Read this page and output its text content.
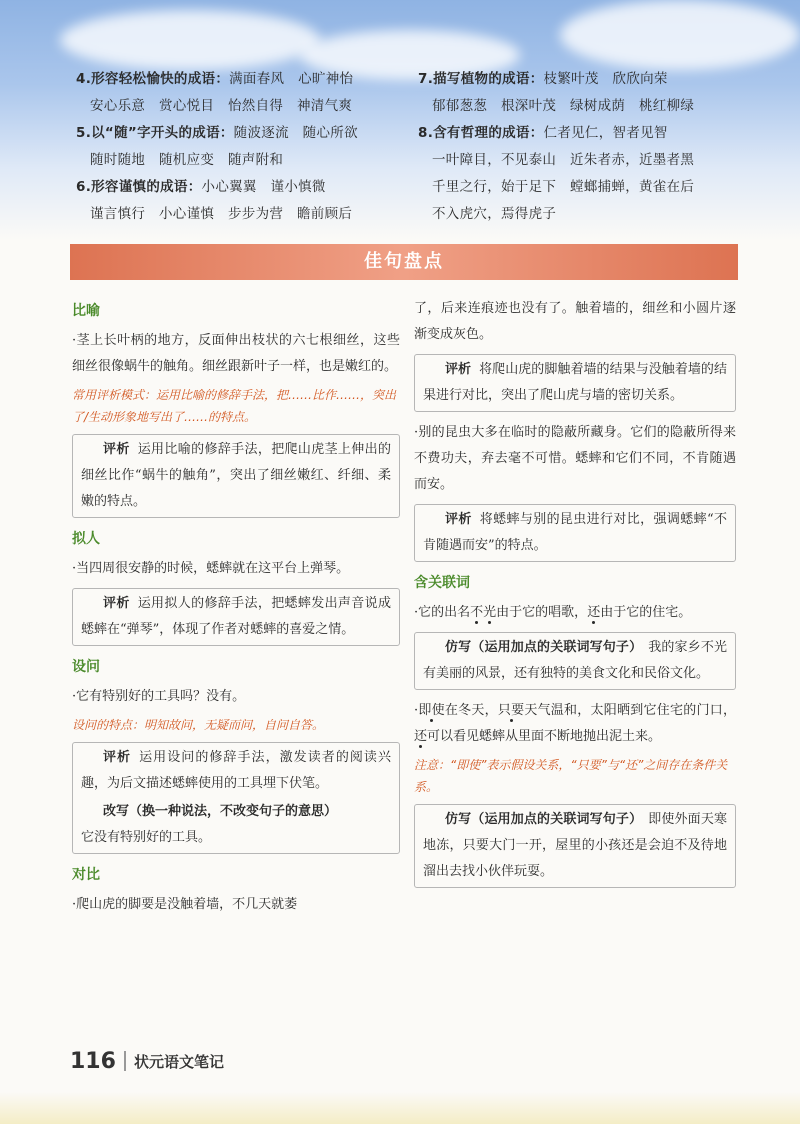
4.形容轻松愉快的成语：满面春风　心旷神怡
安心乐意　赏心悦目　怡然自得　神清气爽
5.以“随”字开头的成语：随波逐流　随心所欲
随时随地　随机应变　随声附和
6.形容谨慎的成语：小心翼翼　谨小慎微
谨言慎行　小心谨慎　步步为营　瞻前顾后
7.描写植物的成语：枝繁叶茂　欣欣向荣
郁郁葱葱　根深叶茂　绿树成荫　桃红柳绿
8.含有哲理的成语：仁者见仁，智者见智
一叶障目，不见泰山　近朱者赤，近墨者黑
千里之行，始于足下　螳螂捕蝉，黄雀在后
不入虎穴，焉得虎子
佳句盘点
比喻
·茎上长叶柄的地方，反面伸出枝状的六七根细丝，这些细丝很像蜗牛的触角。细丝跟新叶子一样，也是嫩红的。
常用评析模式：运用比喻的修辞手法，把……比作……，突出了/生动形象地写出了……的特点。
评析 运用比喻的修辞手法，把爬山虎茎上伸出的细丝比作“蜗牛的触角”，突出了细丝嫩红、纤细、柔嫩的特点。
拟人
·当四周很安静的时候，蟋蟀就在这平台上弹琴。
评析 运用拟人的修辞手法，把蟋蟀发出声音说成蟋蟀在“弹琴”，体现了作者对蟋蟀的喜爱之情。
设问
·它有特别好的工具吗？没有。
设问的特点：明知故问，无疑而问，自问自答。
评析 运用设问的修辞手法，激发读者的阅读兴趣，为后文描述蟋蟀使用的工具埋下伏笔。
改写（换一种说法，不改变句子的意思）
它没有特别好的工具。
对比
·爬山虎的脚要是没触着墙，不几天就萎
了，后来连痕迹也没有了。触着墙的，细丝和小圆片逐渐变成灰色。
评析 将爬山虎的脚触着墙的结果与没触着墙的结果进行对比，突出了爬山虎与墙的密切关系。
·别的昆虫大多在临时的隐蔽所藏身。它们的隐蔽所得来不费功夫，弃去毫不可惜。蟋蟀和它们不同，不肯随遇而安。
评析 将蟋蟀与别的昆虫进行对比，强调蟋蟀“不肯随遇而安”的特点。
含关联词
·它的出名不光由于它的唱歌，还由于它的住宅。
仿写（运用加点的关联词写句子） 我的家乡不光有美丽的风景，还有独特的美食文化和民俗文化。
·即使在冬天，只要天气温和，太阳晒到它住宅的门口，还可以看见蟋蟀从里面不断地抛出泥土来。
注意：“即使”表示假设关系，“只要”与“还”之间存在条件关系。
仿写（运用加点的关联词写句子） 即使外面天寒地冻，只要大门一开，屋里的小孩还是会迫不及待地溜出去找小伙伴玩耍。
116 状元语文笔记
